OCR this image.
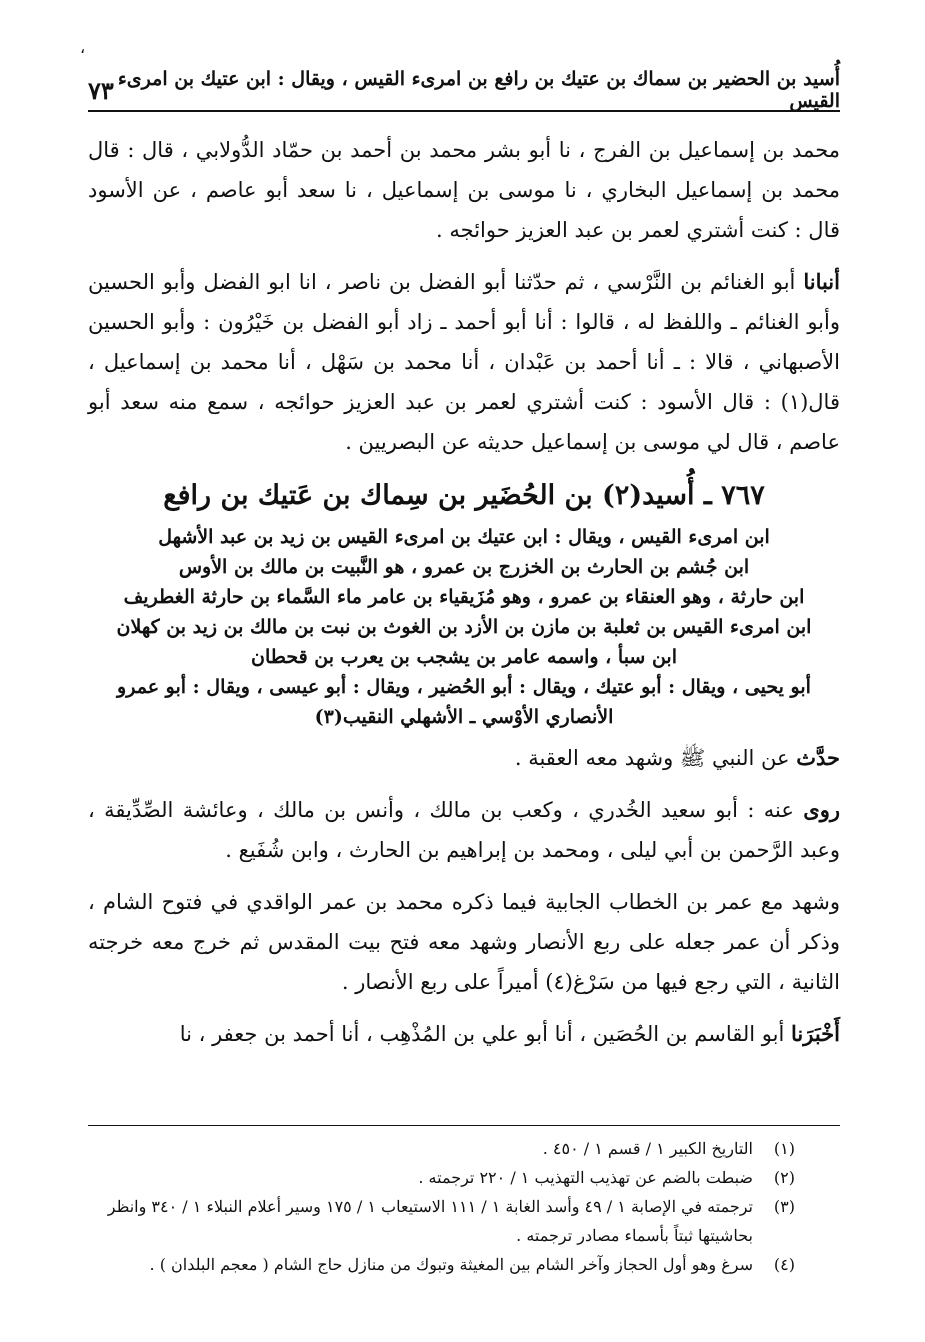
،
أُسيد بن الحضير بن سماك بن عتيك بن رافع بن امرىء القيس ، ويقال : ابن عتيك بن امرىء القيس
٧٣

محمد بن إسماعيل بن الفرج ، نا أبو بشر محمد بن أحمد بن حمّاد الدُّولابي ، قال : قال محمد بن إسماعيل البخاري ، نا موسى بن إسماعيل ، نا سعد أبو عاصم ، عن الأسود قال : كنت أشتري لعمر بن عبد العزيز حوائجه .

أنبانا أبو الغنائم بن النَّرْسي ، ثم حدّثنا أبو الفضل بن ناصر ، انا ابو الفضل وأبو الحسين وأبو الغنائم ـ واللفظ له ، قالوا : أنا أبو أحمد ـ زاد أبو الفضل بن خَيْرُون : وأبو الحسين الأصبهاني ، قالا : ـ أنا أحمد بن عَبْدان ، أنا محمد بن سَهْل ، أنا محمد بن إسماعيل ، قال(١) : قال الأسود : كنت أشتري لعمر بن عبد العزيز حوائجه ، سمع منه سعد أبو عاصم ، قال لي موسى بن إسماعيل حديثه عن البصريين .

٧٦٧ ـ أُسيد(٢) بن الحُضَير بن سِماك بن عَتيك بن رافع
ابن امرىء القيس ، ويقال : ابن عتيك بن امرىء القيس بن زيد بن عبد الأشهل
ابن جُشم بن الحارث بن الخزرج بن عمرو ، هو النَّبيت بن مالك بن الأوس
ابن حارثة ، وهو العنقاء بن عمرو ، وهو مُزَيقياء بن عامر ماء السَّماء بن حارثة الغطريف
ابن امرىء القيس بن ثعلبة بن مازن بن الأزد بن الغوث بن نبت بن مالك بن زيد بن كهلان
ابن سبأ ، واسمه عامر بن يشجب بن يعرب بن قحطان
أبو يحيى ، ويقال : أبو عتيك ، ويقال : أبو الحُضير ، ويقال : أبو عيسى ، ويقال : أبو عمرو
الأنصاري الأوْسي ـ الأشهلي النقيب(٣)

حدَّث عن النبي ﷺ وشهد معه العقبة .

روى عنه : أبو سعيد الخُدري ، وكعب بن مالك ، وأنس بن مالك ، وعائشة الصِّدِّيقة ، وعبد الرَّحمن بن أبي ليلى ، ومحمد بن إبراهيم بن الحارث ، وابن شُفَيع .

وشهد مع عمر بن الخطاب الجابية فيما ذكره محمد بن عمر الواقدي في فتوح الشام ، وذكر أن عمر جعله على ربع الأنصار وشهد معه فتح بيت المقدس ثم خرج معه خرجته الثانية ، التي رجع فيها من سَرْغ(٤) أميراً على ربع الأنصار .

أَخْبَرَنا أبو القاسم بن الحُصَين ، أنا أبو علي بن المُذْهِب ، أنا أحمد بن جعفر ، نا

(١)
التاريخ الكبير ١ / قسم ١ / ٤٥٠ .
(٢)
ضبطت بالضم عن تهذيب التهذيب ١ / ٢٢٠ ترجمته .
(٣)
ترجمته في الإصابة ١ / ٤٩ وأسد الغابة ١ / ١١١ الاستيعاب ١ / ١٧٥ وسير أعلام النبلاء ١ / ٣٤٠ وانظر بحاشيتها ثبتاً بأسماء مصادر ترجمته .
(٤)
سرغ وهو أول الحجاز وآخر الشام بين المغيثة وتبوك من منازل حاج الشام ( معجم البلدان ) .
